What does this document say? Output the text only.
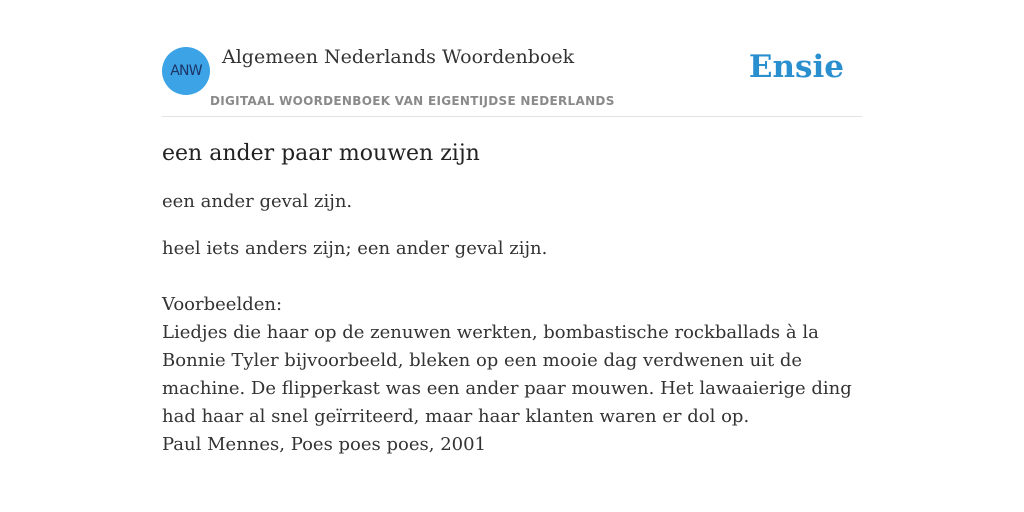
ANW
Algemeen Nederlands Woordenboek
DIGITAAL WOORDENBOEK VAN EIGENTIJDSE NEDERLANDS
Ensie
een ander paar mouwen zijn

een ander geval zijn.

heel iets anders zijn; een ander geval zijn.

Voorbeelden:
Liedjes die haar op de zenuwen werkten, bombastische rockballads à la Bonnie Tyler bijvoorbeeld, bleken op een mooie dag verdwenen uit de machine. De flipperkast was een ander paar mouwen. Het lawaaierige ding had haar al snel geïrriteerd, maar haar klanten waren er dol op.
Paul Mennes, Poes poes poes, 2001
